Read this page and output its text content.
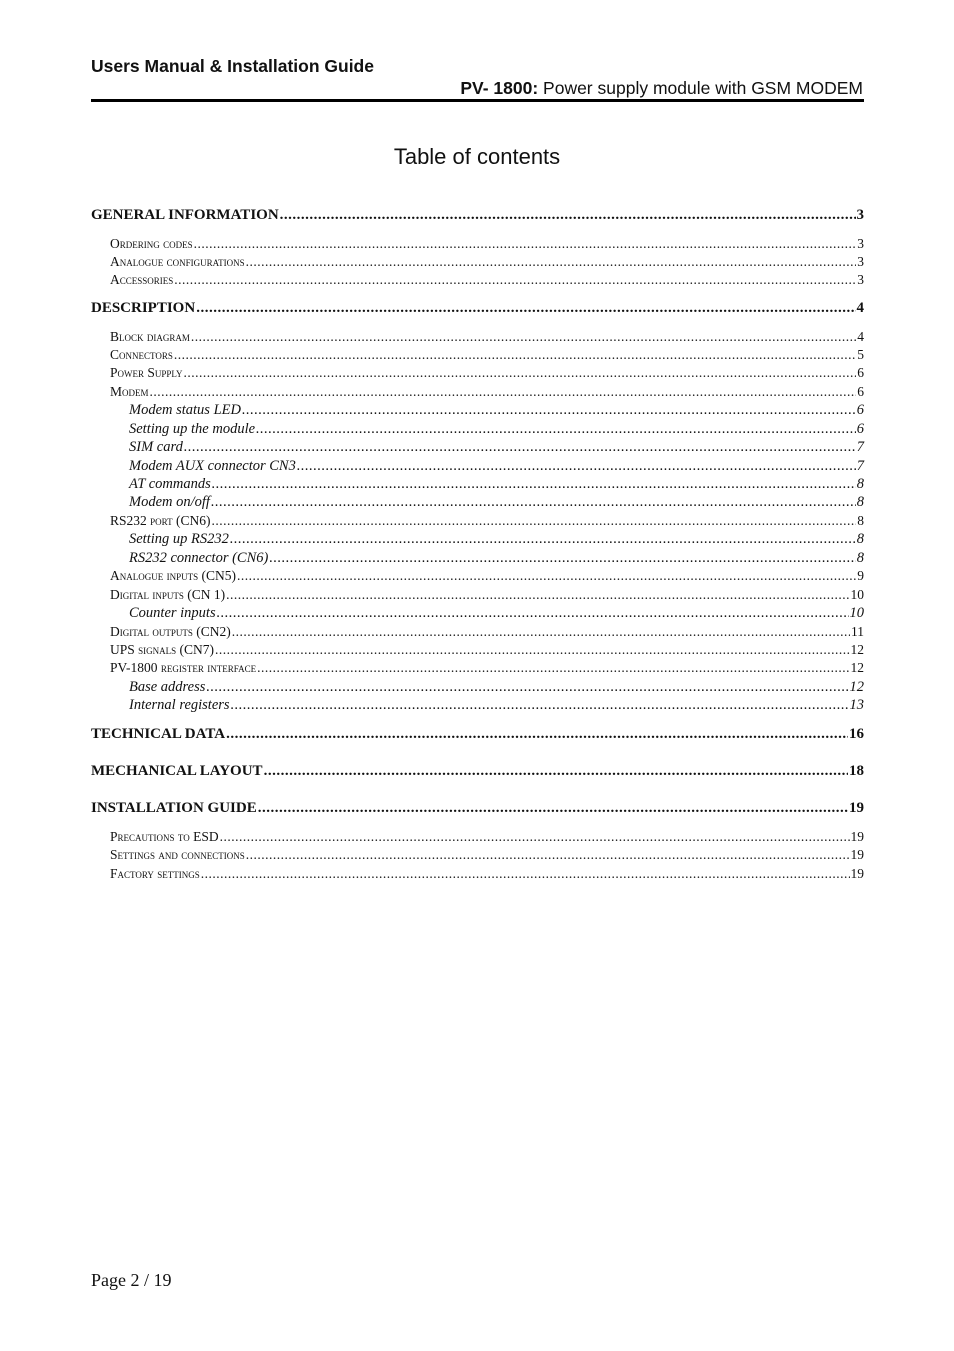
Users Manual & Installation Guide
PV- 1800: Power supply module with GSM MODEM
Table of contents
GENERAL INFORMATION .....	3
Ordering codes .....	3
Analogue configurations .....	3
Accessories .....	3
DESCRIPTION .....	4
Block diagram .....	4
Connectors .....	5
Power Supply .....	6
Modem .....	6
Modem status LED .....	6
Setting up the module .....	6
SIM card .....	7
Modem AUX connector CN3 .....	7
AT commands .....	8
Modem on/off .....	8
RS232 port (CN6) .....	8
Setting up RS232 .....	8
RS232 connector (CN6) .....	8
Analogue inputs (CN5) .....	9
Digital inputs (CN 1) .....	10
Counter inputs .....	10
Digital outputs (CN2) .....	11
UPS signals (CN7) .....	12
PV-1800 register interface .....	12
Base address .....	12
Internal registers .....	13
TECHNICAL DATA .....	16
MECHANICAL LAYOUT .....	18
INSTALLATION GUIDE .....	19
Precautions to ESD .....	19
Settings and connections .....	19
Factory settings .....	19
Page 2 / 19
